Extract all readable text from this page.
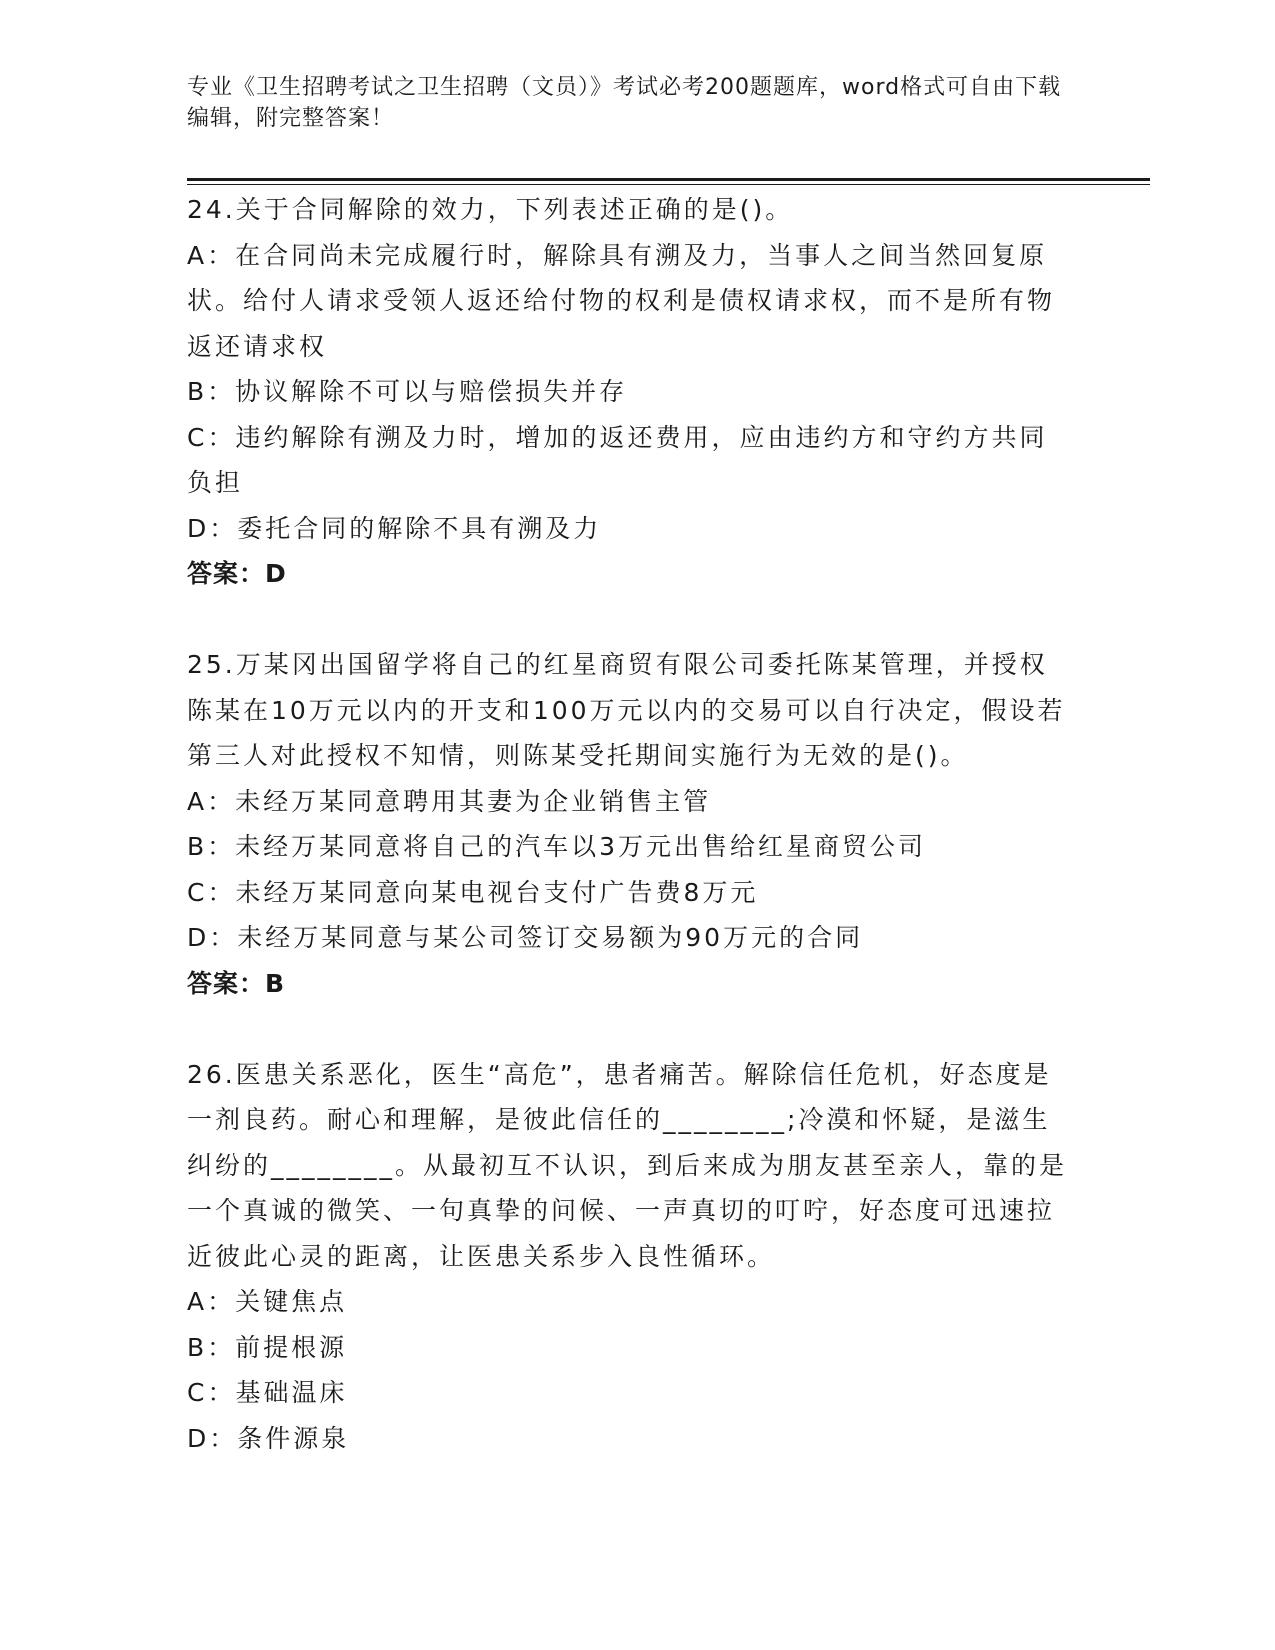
专业《卫生招聘考试之卫生招聘（文员）》考试必考200题题库，word格式可自由下载编辑，附完整答案！

24.关于合同解除的效力，下列表述正确的是()。

A：在合同尚未完成履行时，解除具有溯及力，当事人之间当然回复原状。给付人请求受领人返还给付物的权利是债权请求权，而不是所有物返还请求权

B：协议解除不可以与赔偿损失并存

C：违约解除有溯及力时，增加的返还费用，应由违约方和守约方共同负担

D：委托合同的解除不具有溯及力

答案：D

25.万某冈出国留学将自己的红星商贸有限公司委托陈某管理，并授权陈某在10万元以内的开支和100万元以内的交易可以自行决定，假设若第三人对此授权不知情，则陈某受托期间实施行为无效的是()。

A：未经万某同意聘用其妻为企业销售主管

B：未经万某同意将自己的汽车以3万元出售给红星商贸公司

C：未经万某同意向某电视台支付广告费8万元

D：未经万某同意与某公司签订交易额为90万元的合同

答案：B

26.医患关系恶化，医生“高危”，患者痛苦。解除信任危机，好态度是一剂良药。耐心和理解，是彼此信任的________;冷漠和怀疑，是滋生纠纷的________。从最初互不认识，到后来成为朋友甚至亲人，靠的是一个真诚的微笑、一句真挚的问候、一声真切的叮咛，好态度可迅速拉近彼此心灵的距离，让医患关系步入良性循环。

A：关键焦点

B：前提根源

C：基础温床

D：条件源泉
